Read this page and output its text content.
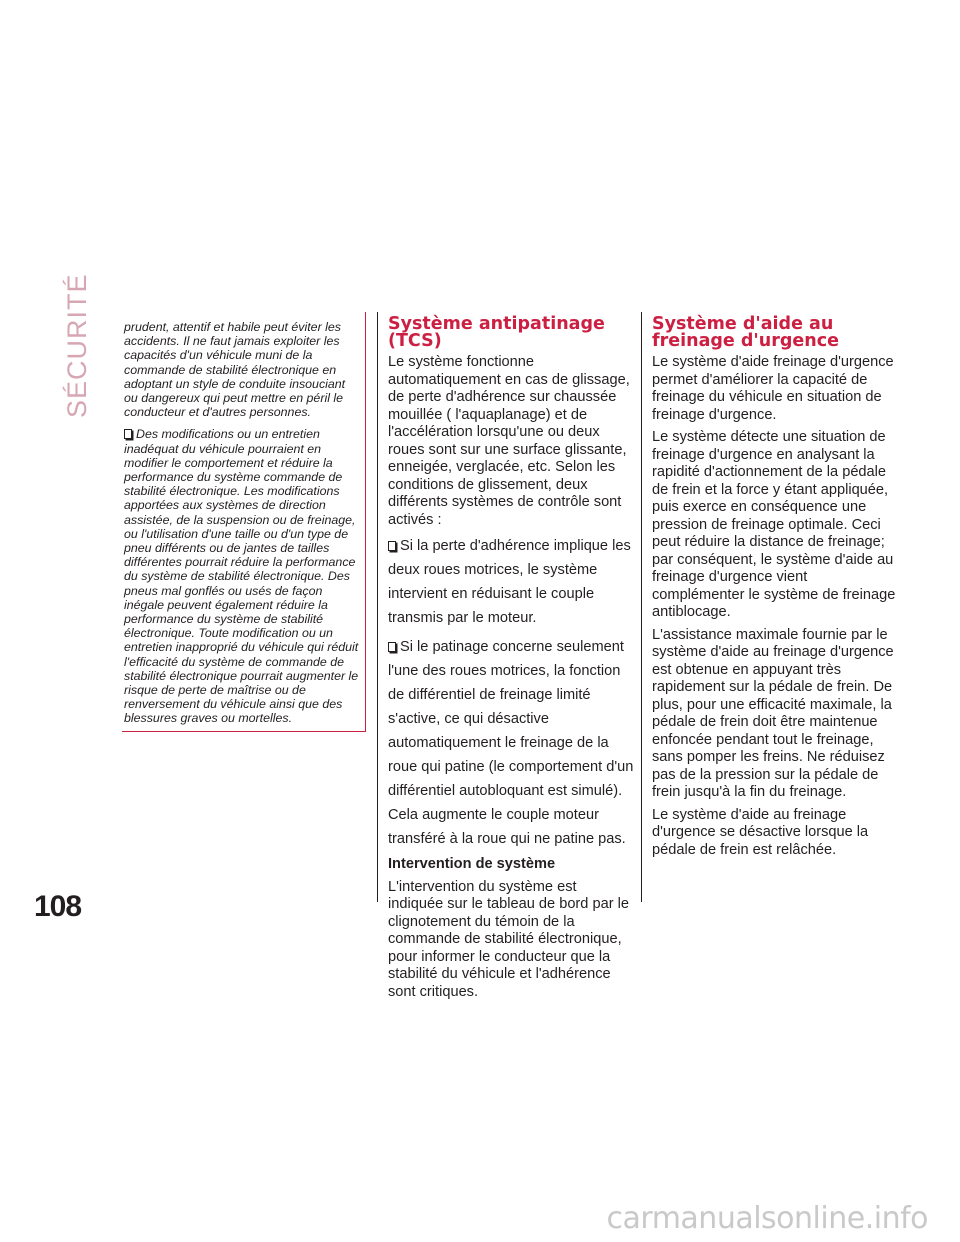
SÉCURITÉ
108

prudent, attentif et habile peut éviter les accidents. Il ne faut jamais exploiter les capacités d'un véhicule muni de la commande de stabilité électronique en adoptant un style de conduite insouciant ou dangereux qui peut mettre en péril le conducteur et d'autres personnes.

Des modifications ou un entretien inadéquat du véhicule pourraient en modifier le comportement et réduire la performance du système commande de stabilité électronique. Les modifications apportées aux systèmes de direction assistée, de la suspension ou de freinage, ou l'utilisation d'une taille ou d'un type de pneu différents ou de jantes de tailles différentes pourrait réduire la performance du système de stabilité électronique. Des pneus mal gonflés ou usés de façon inégale peuvent également réduire la performance du système de stabilité électronique. Toute modification ou un entretien inapproprié du véhicule qui réduit l'efficacité du système de commande de stabilité électronique pourrait augmenter le risque de perte de maîtrise ou de renversement du véhicule ainsi que des blessures graves ou mortelles.

Système antipatinage (TCS)

Le système fonctionne automatiquement en cas de glissage, de perte d'adhérence sur chaussée mouillée ( l'aquaplanage) et de l'accélération lorsqu'une ou deux roues sont sur une surface glissante, enneigée, verglacée, etc. Selon les conditions de glissement, deux différents systèmes de contrôle sont activés :

Si la perte d'adhérence implique les deux roues motrices, le système intervient en réduisant le couple transmis par le moteur.

Si le patinage concerne seulement l'une des roues motrices, la fonction de différentiel de freinage limité s'active, ce qui désactive automatiquement le freinage de la roue qui patine (le comportement d'un différentiel autobloquant est simulé). Cela augmente le couple moteur transféré à la roue qui ne patine pas.

Intervention de système

L'intervention du système est indiquée sur le tableau de bord par le clignotement du témoin de la commande de stabilité électronique, pour informer le conducteur que la stabilité du véhicule et l'adhérence sont critiques.

Système d'aide au freinage d'urgence

Le système d'aide freinage d'urgence permet d'améliorer la capacité de freinage du véhicule en situation de freinage d'urgence.

Le système détecte une situation de freinage d'urgence en analysant la rapidité d'actionnement de la pédale de frein et la force y étant appliquée, puis exerce en conséquence une pression de freinage optimale. Ceci peut réduire la distance de freinage; par conséquent, le système d'aide au freinage d'urgence vient complémenter le système de freinage antiblocage.

L'assistance maximale fournie par le système d'aide au freinage d'urgence est obtenue en appuyant très rapidement sur la pédale de frein. De plus, pour une efficacité maximale, la pédale de frein doit être maintenue enfoncée pendant tout le freinage, sans pomper les freins. Ne réduisez pas de la pression sur la pédale de frein jusqu'à la fin du freinage.

Le système d'aide au freinage d'urgence se désactive lorsque la pédale de frein est relâchée.

carmanualsonline.info
